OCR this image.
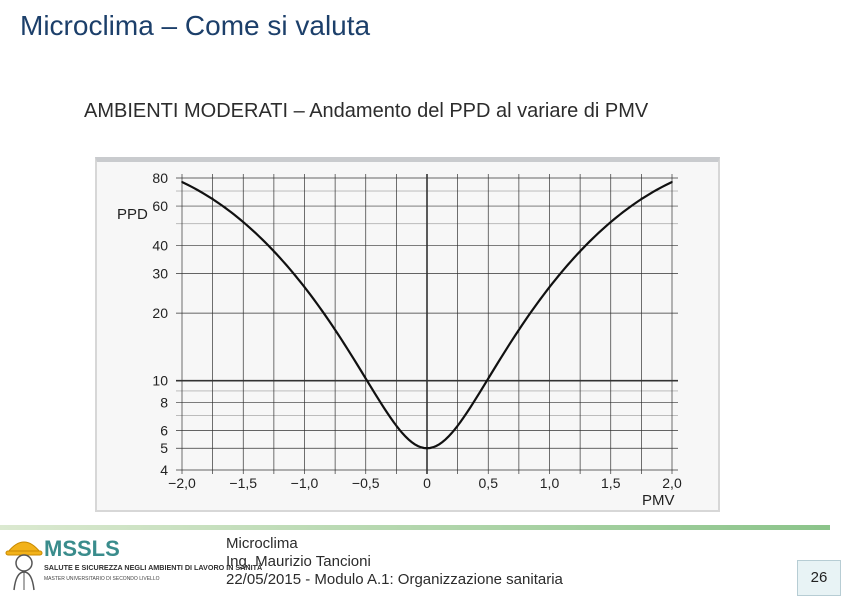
Microclima – Come si valuta
AMBIENTI MODERATI – Andamento del PPD al variare di PMV
4
5
6
8
10
20
30
40
60
80
−2,0 −1,5 −1,0 −0,5	0	0,5	1,0	1,5	2,0
PPD
PMV
MSSLS
SALUTE E SICUREZZA NEGLI AMBIENTI DI LAVORO IN SANITÀ
MASTER UNIVERSITARIO DI SECONDO LIVELLO
Microclima
Ing. Maurizio Tancioni
22/05/2015 - Modulo A.1: Organizzazione sanitaria	26
